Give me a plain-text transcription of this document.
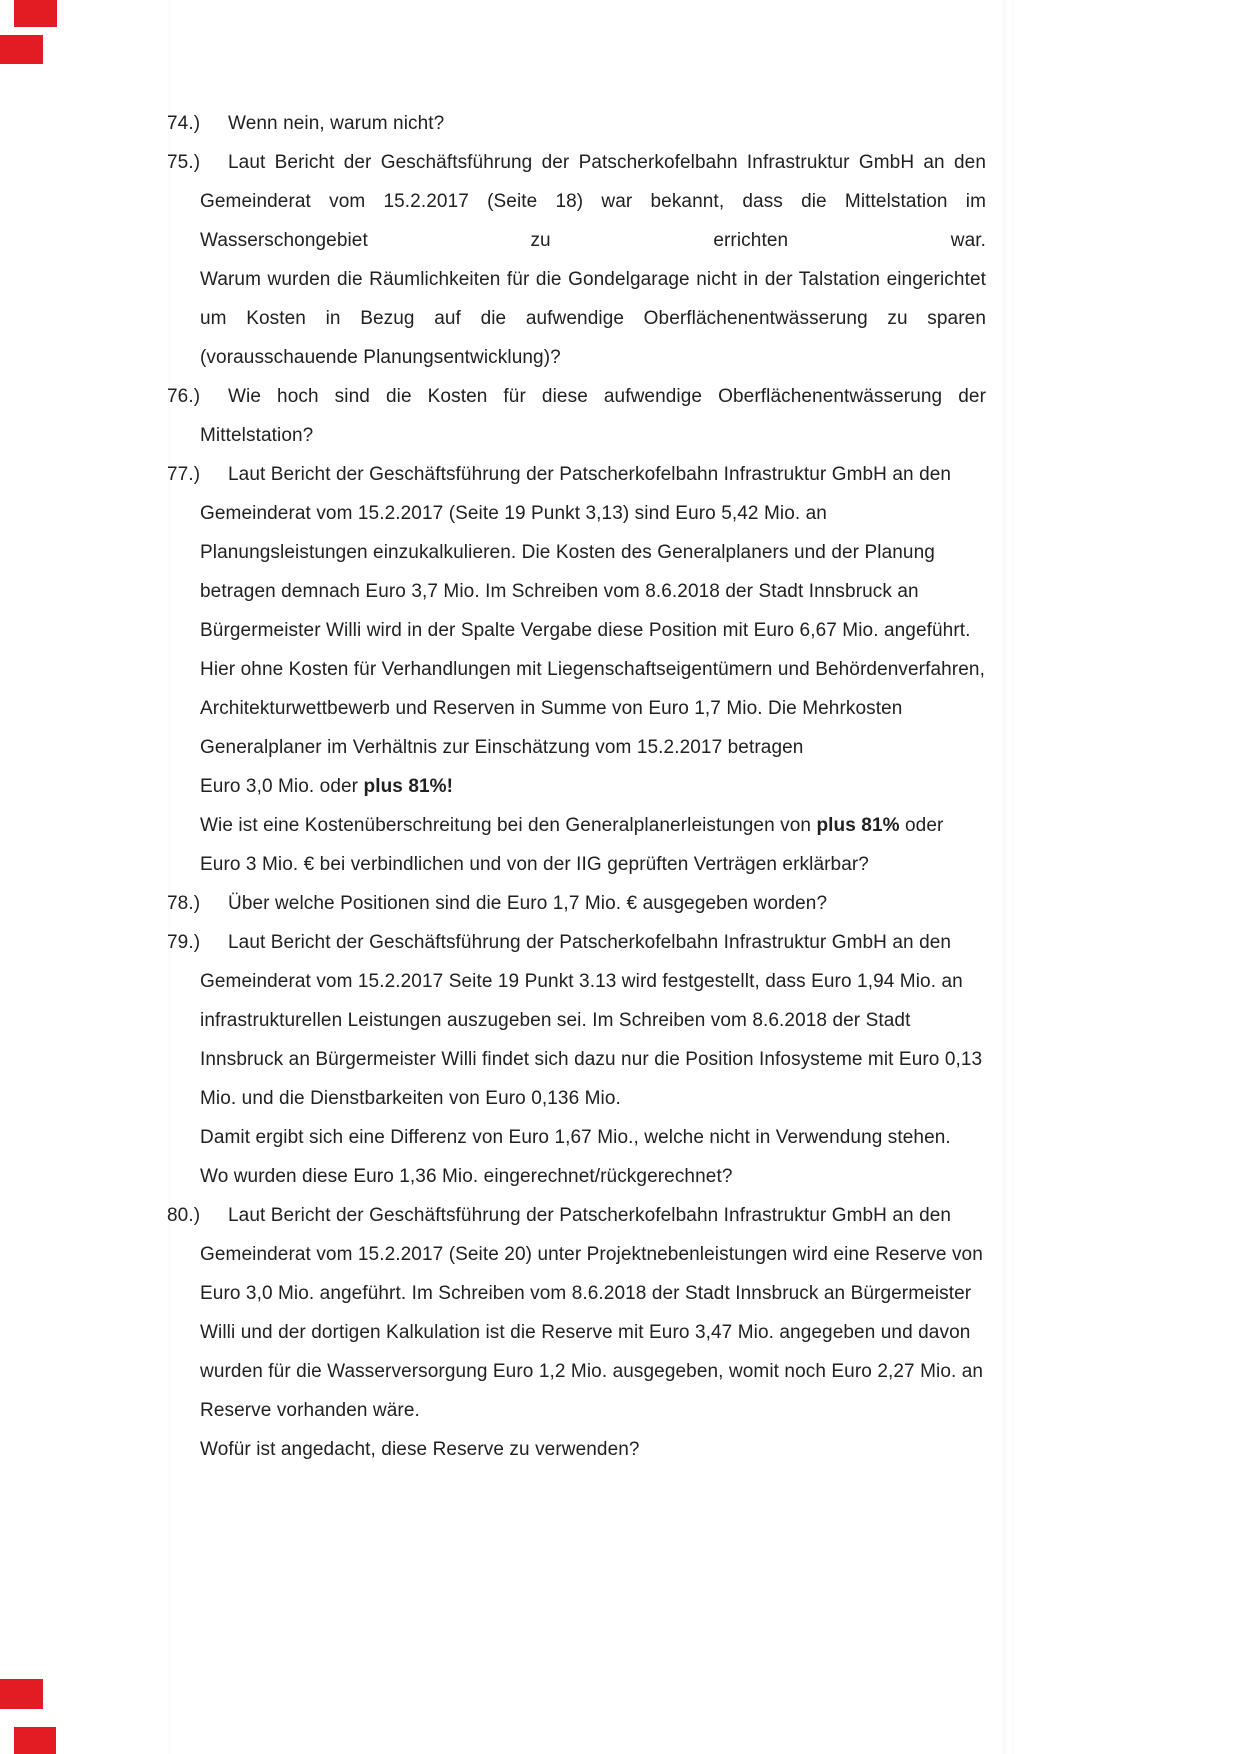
74.)	Wenn nein, warum nicht?

75.)	Laut Bericht der Geschäftsführung der Patscherkofelbahn Infrastruktur GmbH an den Gemeinderat vom 15.2.2017 (Seite 18) war bekannt, dass die Mittelstation im Wasserschongebiet zu errichten war.

Warum wurden die Räumlichkeiten für die Gondelgarage nicht in der Talstation eingerichtet um Kosten in Bezug auf die aufwendige Oberflächenentwässerung zu sparen (vorausschauende Planungsentwicklung)?

76.)	Wie hoch sind die Kosten für diese aufwendige Oberflächenentwässerung der Mittelstation?

77.)	Laut Bericht der Geschäftsführung der Patscherkofelbahn Infrastruktur GmbH an den Gemeinderat vom 15.2.2017 (Seite 19 Punkt 3,13) sind Euro 5,42 Mio. an Planungsleistungen einzukalkulieren. Die Kosten des Generalplaners und der Planung betragen demnach Euro 3,7 Mio. Im Schreiben vom 8.6.2018 der Stadt Innsbruck an Bürgermeister Willi wird in der Spalte Vergabe diese Position mit Euro 6,67 Mio. angeführt. Hier ohne Kosten für Verhandlungen mit Liegenschaftseigentümern und Behördenverfahren, Architekturwettbewerb und Reserven in Summe von Euro 1,7 Mio. Die Mehrkosten Generalplaner im Verhältnis zur Einschätzung vom 15.2.2017 betragen

Euro 3,0 Mio. oder plus 81%!

Wie ist eine Kostenüberschreitung bei den Generalplanerleistungen von plus 81% oder Euro 3 Mio. € bei verbindlichen und von der IIG geprüften Verträgen erklärbar?

78.)	Über welche Positionen sind die Euro 1,7 Mio. € ausgegeben worden?

79.)	Laut Bericht der Geschäftsführung der Patscherkofelbahn Infrastruktur GmbH an den Gemeinderat vom 15.2.2017 Seite 19 Punkt 3.13 wird festgestellt, dass Euro 1,94 Mio. an infrastrukturellen Leistungen auszugeben sei. Im Schreiben vom 8.6.2018 der Stadt Innsbruck an Bürgermeister Willi findet sich dazu nur die Position Infosysteme mit Euro 0,13 Mio. und die Dienstbarkeiten von Euro 0,136 Mio.

Damit ergibt sich eine Differenz von Euro 1,67 Mio., welche nicht in Verwendung stehen.

Wo wurden diese Euro 1,36 Mio. eingerechnet/rückgerechnet?

80.)	Laut Bericht der Geschäftsführung der Patscherkofelbahn Infrastruktur GmbH an den Gemeinderat vom 15.2.2017 (Seite 20) unter Projektnebenleistungen wird eine Reserve von Euro 3,0 Mio. angeführt. Im Schreiben vom 8.6.2018 der Stadt Innsbruck an Bürgermeister Willi und der dortigen Kalkulation ist die Reserve mit Euro 3,47 Mio. angegeben und davon wurden für die Wasserversorgung Euro 1,2 Mio. ausgegeben, womit noch Euro 2,27 Mio. an Reserve vorhanden wäre.

Wofür ist angedacht, diese Reserve zu verwenden?
